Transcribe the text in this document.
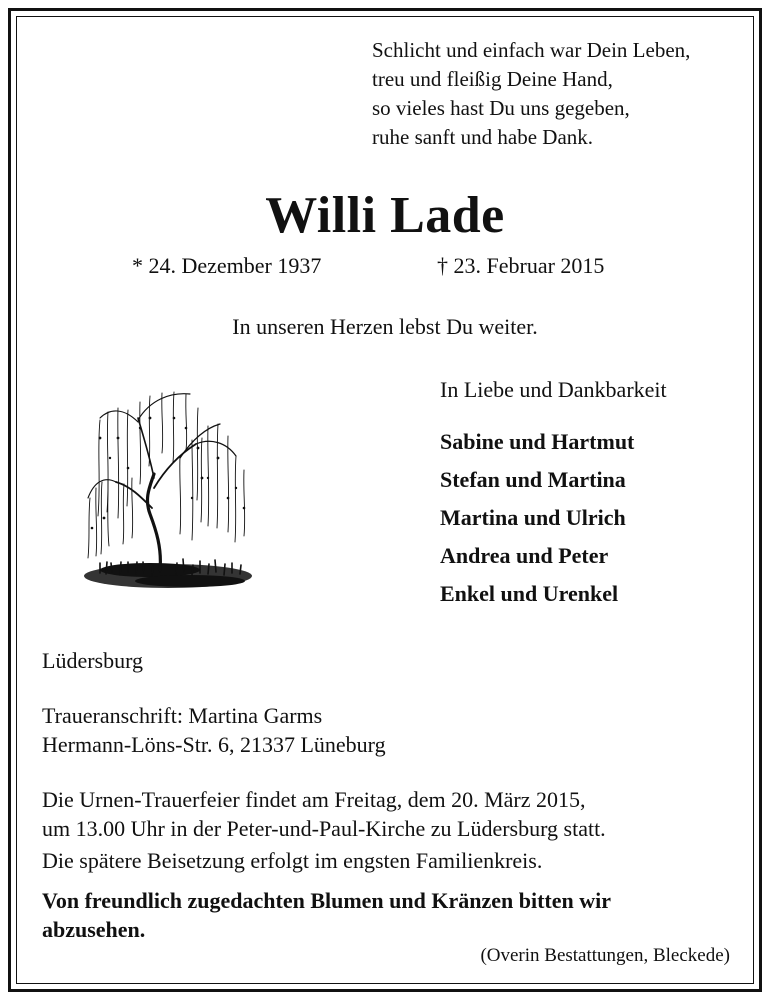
Schlicht und einfach war Dein Leben,
treu und fleißig Deine Hand,
so vieles hast Du uns gegeben,
ruhe sanft und habe Dank.
Willi Lade
* 24. Dezember 1937	† 23. Februar 2015
In unseren Herzen lebst Du weiter.
In Liebe und Dankbarkeit
Sabine und Hartmut
Stefan und Martina
Martina und Ulrich
Andrea und Peter
Enkel und Urenkel
Lüdersburg
Traueranschrift: Martina Garms
Hermann-Löns-Str. 6, 21337 Lüneburg
Die Urnen-Trauerfeier findet am Freitag, dem 20. März 2015,
um 13.00 Uhr in der Peter-und-Paul-Kirche zu Lüdersburg statt.
Die spätere Beisetzung erfolgt im engsten Familienkreis.
Von freundlich zugedachten Blumen und Kränzen bitten wir
abzusehen.
(Overin Bestattungen, Bleckede)
